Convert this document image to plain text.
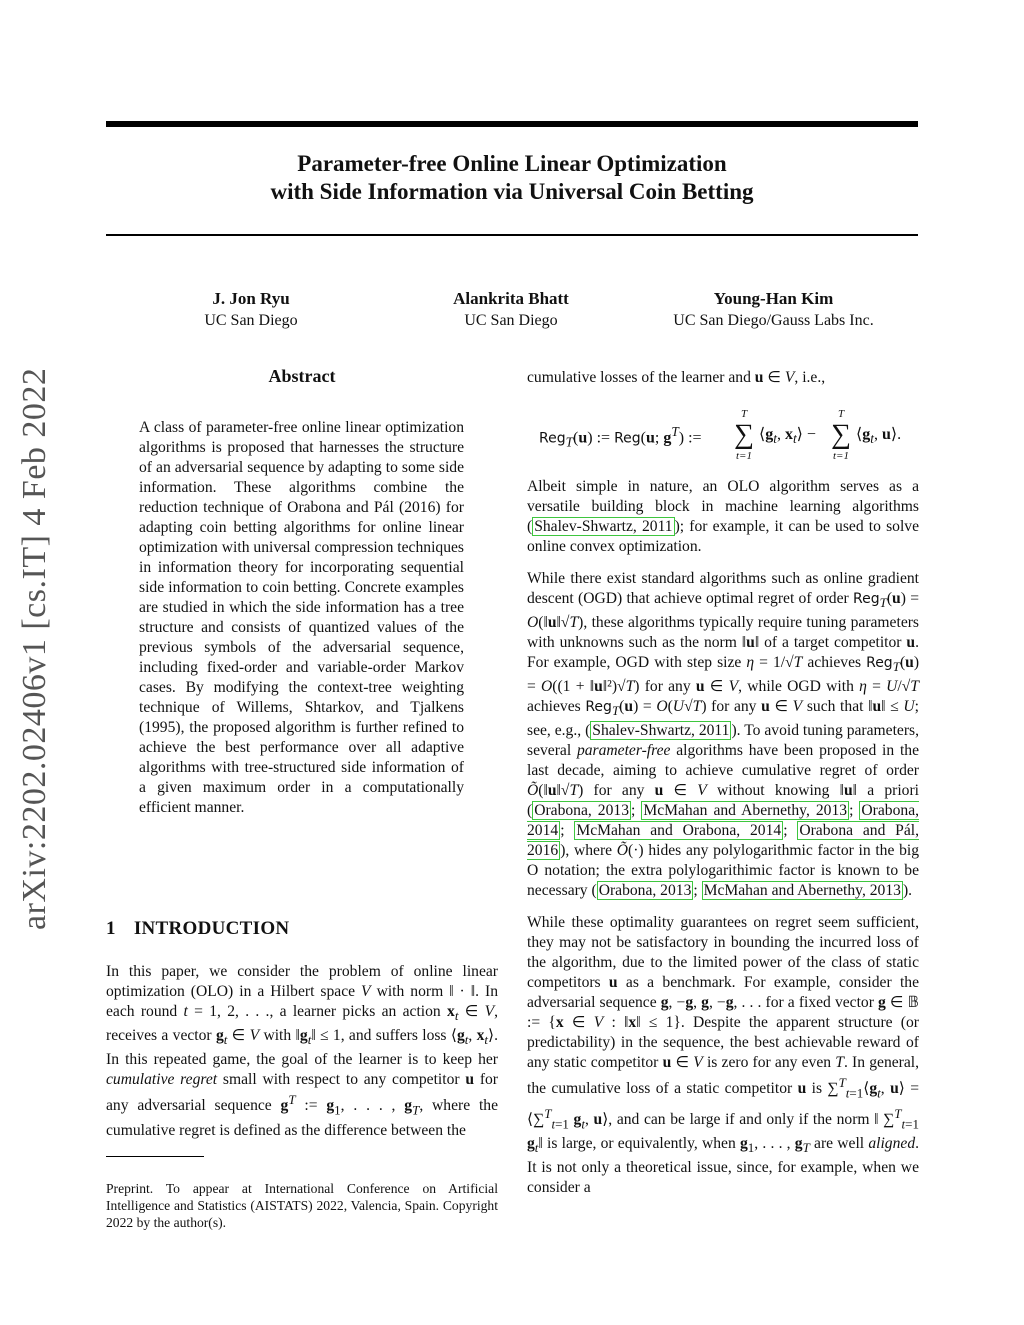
arXiv:2202.02406v1 [cs.IT] 4 Feb 2022
Parameter-free Online Linear Optimization
with Side Information via Universal Coin Betting
J. Jon Ryu
UC San Diego
Alankrita Bhatt
UC San Diego
Young-Han Kim
UC San Diego/Gauss Labs Inc.
Abstract
A class of parameter-free online linear optimization algorithms is proposed that harnesses the structure of an adversarial sequence by adapting to some side information. These algorithms combine the reduction technique of Orabona and Pál (2016) for adapting coin betting algorithms for online linear optimization with universal compression techniques in information theory for incorporating sequential side information to coin betting. Concrete examples are studied in which the side information has a tree structure and consists of quantized values of the previous symbols of the adversarial sequence, including fixed-order and variable-order Markov cases. By modifying the context-tree weighting technique of Willems, Shtarkov, and Tjalkens (1995), the proposed algorithm is further refined to achieve the best performance over all adaptive algorithms with tree-structured side information of a given maximum order in a computationally efficient manner.
1 INTRODUCTION
In this paper, we consider the problem of online linear optimization (OLO) in a Hilbert space V with norm ‖ · ‖. In each round t = 1, 2, . . ., a learner picks an action $x_t$ ∈ V, receives a vector $g_t$ ∈ V with $‖g_t‖ \le 1$, and suffers loss $⟨g_t$, $x_t⟩$. In this repeated game, the goal of the learner is to keep her cumulative regret small with respect to any competitor u for any adversarial sequence $g^T$ := $g_1$, . . . , $g_T$, where the cumulative regret is defined as the difference between the
Preprint. To appear at International Conference on Artificial Intelligence and Statistics (AISTATS) 2022, Valencia, Spain. Copyright 2022 by the author(s).
cumulative losses of the learner and u ∈ V, i.e.,
Reg$_T$(u) := Reg(u; $g^T$) :=
T
∑
t=1
$⟨g_t$, $x_t⟩$ −
T
∑
t=1
$⟨g_t$, u⟩.

Albeit simple in nature, an OLO algorithm serves as a versatile building block in machine learning algorithms ( Shalev-Shwartz, 2011 ); for example, it can be used to solve online convex optimization.

While there exist standard algorithms such as online gradient descent (OGD) that achieve optimal regret of order Reg$_T$(u) = O(‖u‖√T), these algorithms typically require tuning parameters with unknowns such as the norm ‖u‖ of a target competitor u. For example, OGD with step size η = 1/√T achieves Reg$_T$(u) = O((1 + ‖u‖²)√T) for any u ∈ V, while OGD with η = U/√T achieves Reg$_T$(u) = O(U√T) for any u ∈ V such that ‖u‖ ≤ U; see, e.g., ( Shalev-Shwartz, 2011 ). To avoid tuning parameters, several parameter-free algorithms have been proposed in the last decade, aiming to achieve cumulative regret of order Õ(‖u‖√T) for any u ∈ V without knowing ‖u‖ a priori ( Orabona, 2013 ; McMahan and Abernethy, 2013 ; Orabona, 2014 ; McMahan and Orabona, 2014 ; Orabona and Pál, 2016 ), where Õ(·) hides any polylogarithmic factor in the big O notation; the extra polylogarithimic factor is known to be necessary ( Orabona, 2013 ; McMahan and Abernethy, 2013 ).

While these optimality guarantees on regret seem sufficient, they may not be satisfactory in bounding the incurred loss of the algorithm, due to the limited power of the class of static competitors u as a benchmark. For example, consider the adversarial sequence g, −g, g, −g, . . . for a fixed vector g ∈ 𝔹 := {x ∈ V : ‖x‖ ≤ 1}. Despite the apparent structure (or predictability) in the sequence, the best achievable reward of any static competitor u ∈ V is zero for any even T. In general, the cumulative loss of a static competitor u is $\sum^T_{t=1}⟨g_t$, u⟩ = ⟨∑$^T_{t=1}$ $g_t$, u⟩, and can be large if and only if the norm ‖ ∑$^T_{t=1}$ $g_t‖$ is large, or equivalently, when $g_1$, . . . , $g_T$ are well aligned. It is not only a theoretical issue, since, for example, when we consider a
